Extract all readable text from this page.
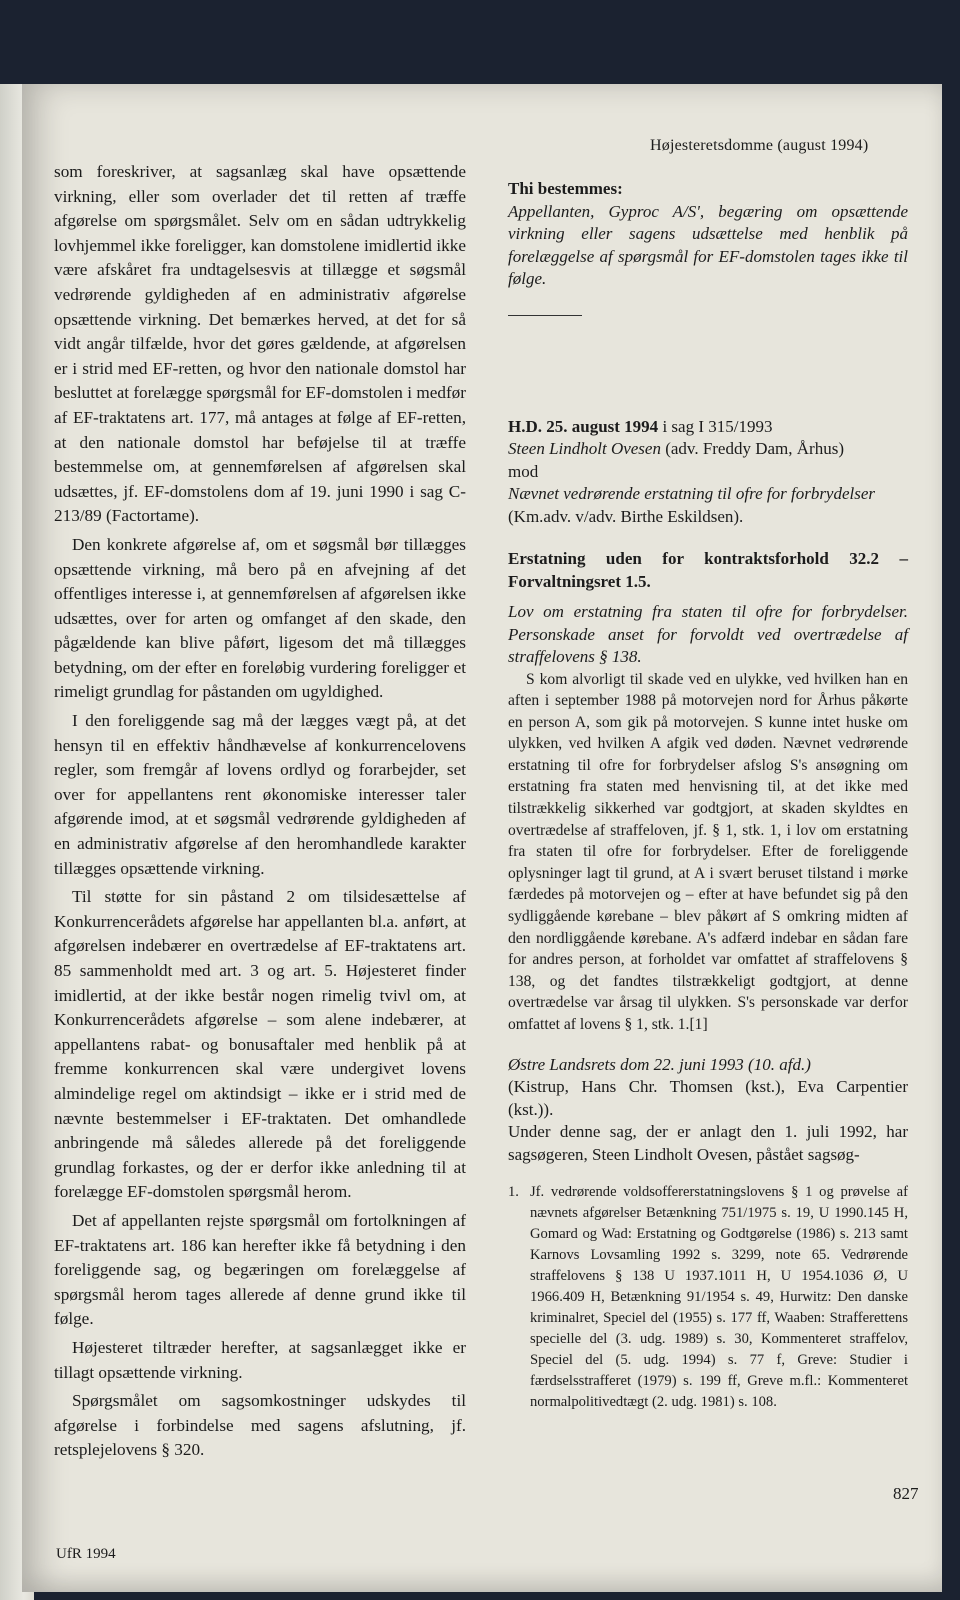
Højesteretsdomme (august 1994)

som foreskriver, at sagsanlæg skal have opsættende virkning, eller som overlader det til retten af træffe afgørelse om spørgsmålet. Selv om en sådan udtrykkelig lovhjemmel ikke foreligger, kan domstolene imidlertid ikke være afskåret fra undtagelsesvis at tillægge et søgsmål vedrørende gyldigheden af en administrativ afgørelse opsættende virkning. Det bemærkes herved, at det for så vidt angår tilfælde, hvor det gøres gældende, at afgørelsen er i strid med EF-retten, og hvor den nationale domstol har besluttet at forelægge spørgsmål for EF-domstolen i medfør af EF-traktatens art. 177, må antages at følge af EF-retten, at den nationale domstol har beføjelse til at træffe bestemmelse om, at gennemførelsen af afgørelsen skal udsættes, jf. EF-domstolens dom af 19. juni 1990 i sag C-213/89 (Factortame).

Den konkrete afgørelse af, om et søgsmål bør tillægges opsættende virkning, må bero på en afvejning af det offentliges interesse i, at gennemførelsen af afgørelsen ikke udsættes, over for arten og omfanget af den skade, den pågældende kan blive påført, ligesom det må tillægges betydning, om der efter en foreløbig vurdering foreligger et rimeligt grundlag for påstanden om ugyldighed.

I den foreliggende sag må der lægges vægt på, at det hensyn til en effektiv håndhævelse af konkurrencelovens regler, som fremgår af lovens ordlyd og forarbejder, set over for appellantens rent økonomiske interesser taler afgørende imod, at et søgsmål vedrørende gyldigheden af en administrativ afgørelse af den heromhandlede karakter tillægges opsættende virkning.

Til støtte for sin påstand 2 om tilsidesættelse af Konkurrencerådets afgørelse har appellanten bl.a. anført, at afgørelsen indebærer en overtrædelse af EF-traktatens art. 85 sammenholdt med art. 3 og art. 5. Højesteret finder imidlertid, at der ikke består nogen rimelig tvivl om, at Konkurrencerådets afgørelse – som alene indebærer, at appellantens rabat- og bonusaftaler med henblik på at fremme konkurrencen skal være undergivet lovens almindelige regel om aktindsigt – ikke er i strid med de nævnte bestemmelser i EF-traktaten. Det omhandlede anbringende må således allerede på det foreliggende grundlag forkastes, og der er derfor ikke anledning til at forelægge EF-domstolen spørgsmål herom.

Det af appellanten rejste spørgsmål om fortolkningen af EF-traktatens art. 186 kan herefter ikke få betydning i den foreliggende sag, og begæringen om forelæggelse af spørgsmål herom tages allerede af denne grund ikke til følge.

Højesteret tiltræder herefter, at sagsanlægget ikke er tillagt opsættende virkning.

Spørgsmålet om sagsomkostninger udskydes til afgørelse i forbindelse med sagens afslutning, jf. retsplejelovens § 320.

Thi bestemmes:

Appellanten, Gyproc A/S', begæring om opsættende virkning eller sagens udsættelse med henblik på forelæggelse af spørgsmål for EF-domstolen tages ikke til følge.

H.D. 25. august 1994 i sag I 315/1993

Steen Lindholt Ovesen (adv. Freddy Dam, Århus)

mod

Nævnet vedrørende erstatning til ofre for forbrydelser

(Km.adv. v/adv. Birthe Eskildsen).

Erstatning uden for kontraktsforhold 32.2 – Forvaltningsret 1.5.

Lov om erstatning fra staten til ofre for forbrydelser. Personskade anset for forvoldt ved overtrædelse af straffelovens § 138.

S kom alvorligt til skade ved en ulykke, ved hvilken han en aften i september 1988 på motorvejen nord for Århus påkørte en person A, som gik på motorvejen. S kunne intet huske om ulykken, ved hvilken A afgik ved døden. Nævnet vedrørende erstatning til ofre for forbrydelser afslog S's ansøgning om erstatning fra staten med henvisning til, at det ikke med tilstrækkelig sikkerhed var godtgjort, at skaden skyldtes en overtrædelse af straffeloven, jf. § 1, stk. 1, i lov om erstatning fra staten til ofre for forbrydelser. Efter de foreliggende oplysninger lagt til grund, at A i svært beruset tilstand i mørke færdedes på motorvejen og – efter at have befundet sig på den sydliggående kørebane – blev påkørt af S omkring midten af den nordliggående kørebane. A's adfærd indebar en sådan fare for andres person, at forholdet var omfattet af straffelovens § 138, og det fandtes tilstrækkeligt godtgjort, at denne overtrædelse var årsag til ulykken. S's personskade var derfor omfattet af lovens § 1, stk. 1.[1]

Østre Landsrets dom 22. juni 1993 (10. afd.)

(Kistrup, Hans Chr. Thomsen (kst.), Eva Carpentier (kst.)).

Under denne sag, der er anlagt den 1. juli 1992, har sagsøgeren, Steen Lindholt Ovesen, påstået sagsøg-

1. Jf. vedrørende voldsoffererstatningslovens § 1 og prøvelse af nævnets afgørelser Betænkning 751/1975 s. 19, U 1990.145 H, Gomard og Wad: Erstatning og Godtgørelse (1986) s. 213 samt Karnovs Lovsamling 1992 s. 3299, note 65. Vedrørende straffelovens § 138 U 1937.1011 H, U 1954.1036 Ø, U 1966.409 H, Betænkning 91/1954 s. 49, Hurwitz: Den danske kriminalret, Speciel del (1955) s. 177 ff, Waaben: Strafferettens specielle del (3. udg. 1989) s. 30, Kommenteret straffelov, Speciel del (5. udg. 1994) s. 77 f, Greve: Studier i færdselsstrafferet (1979) s. 199 ff, Greve m.fl.: Kommenteret normalpolitivedtægt (2. udg. 1981) s. 108.
827
UfR 1994
